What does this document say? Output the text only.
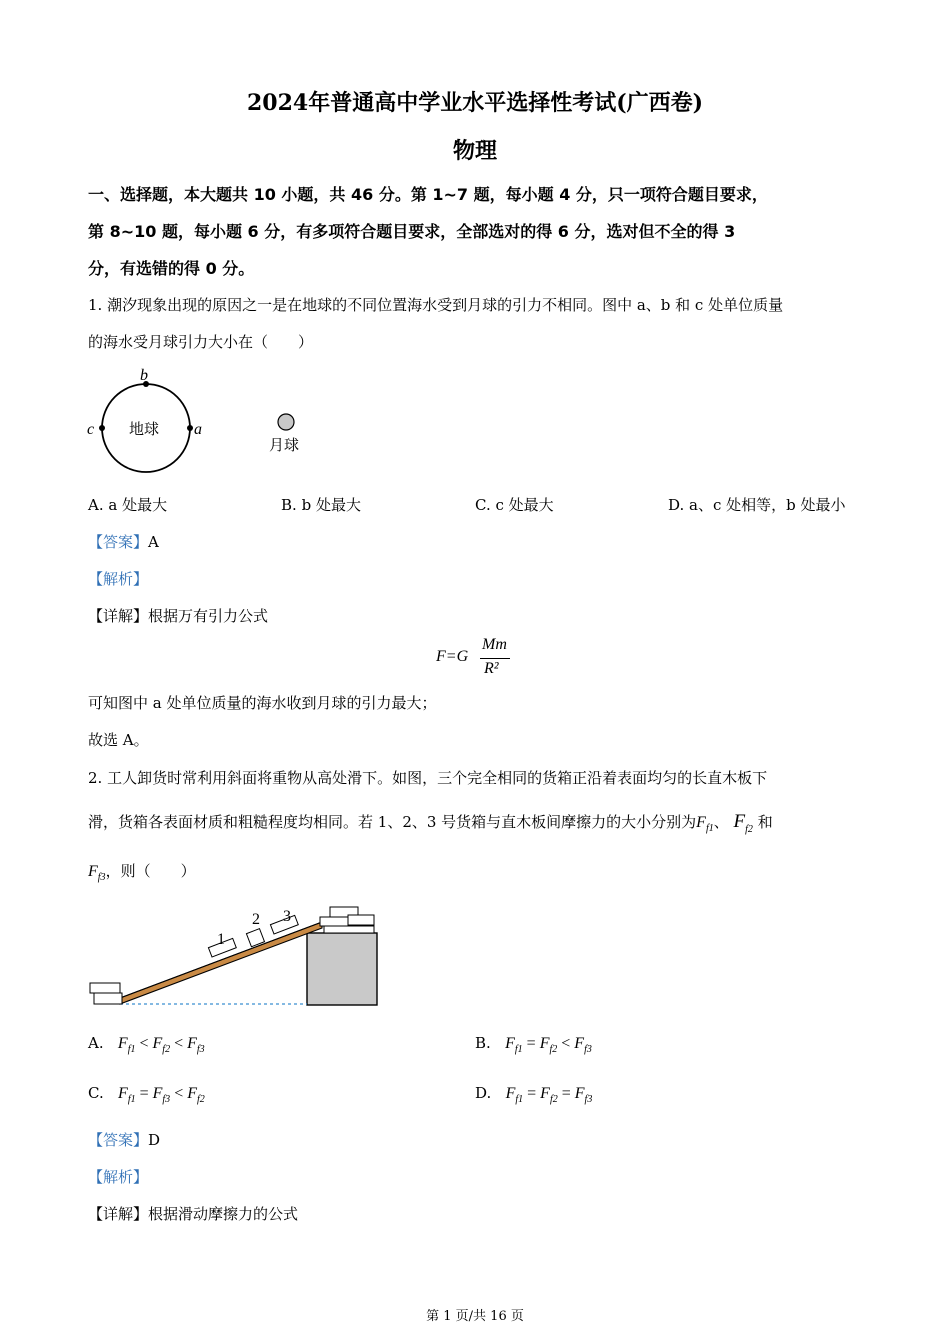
2024年普通高中学业水平选择性考试(广西卷)
物理
一、选择题，本大题共 10 小题，共 46 分。第 1~7 题，每小题 4 分，只一项符合题目要求，
第 8~10 题，每小题 6 分，有多项符合题目要求，全部选对的得 6 分，选对但不全的得 3
分，有选错的得 0 分。
1. 潮汐现象出现的原因之一是在地球的不同位置海水受到月球的引力不相同。图中 a、b 和 c 处单位质量
的海水受月球引力大小在（　　）
b
c	a
地球
月球
A. a 处最大	B. b 处最大	C. c 处最大	D. a、c 处相等，b 处最小
【答案】A
【解析】
【详解】根据万有引力公式
F=G
Mm
R²
可知图中 a 处单位质量的海水收到月球的引力最大；
故选 A。
2. 工人卸货时常利用斜面将重物从高处滑下。如图，三个完全相同的货箱正沿着表面均匀的长直木板下
滑，货箱各表面材质和粗糙程度均相同。若 1、2、3 号货箱与直木板间摩擦力的大小分别为$F_{f1}$、 $F_{f2}$ 和
$F_{f3}$，则（　　）
1
2 3
A. $F_{f1} < F_{f2} < F_{f3}$	B. $F_{f1} = F_{f2} < F_{f3}$
C. $F_{f1} = F_{f3} < F_{f2}$	D. $F_{f1} = F_{f2} = F_{f3}$
【答案】D
【解析】
【详解】根据滑动摩擦力的公式
第 1 页/共 16 页
